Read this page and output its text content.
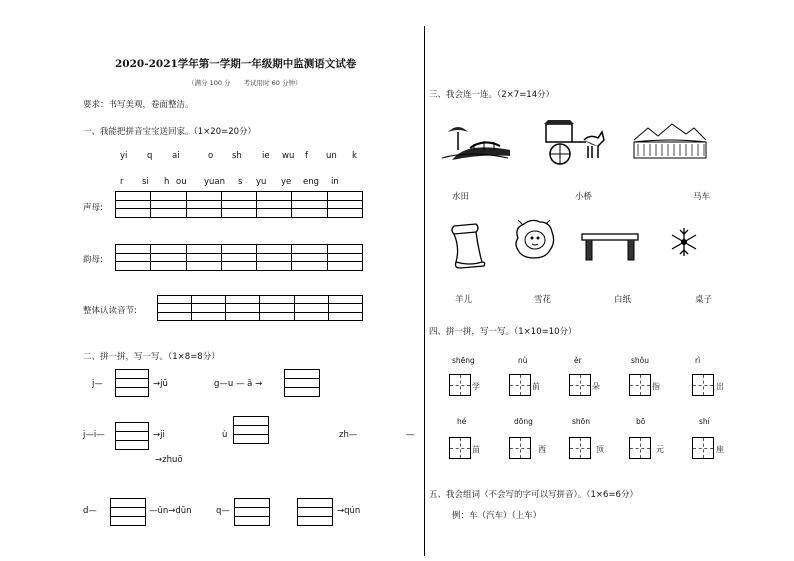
2020-2021学年第一学期一年级期中监测语文试卷
（满分 100 分　　考试用时 60 分钟）
要求：书写美观，卷面整洁。
一、我能把拼音宝宝送回家。（1×20=20分）
yi q ai	o sh ie wu f un k
r si h ou yuan s yu ye eng in
声母:

韵母:

整体认读音节:

二、拼一拼，写一写。（1×8=8分）
j—	→jū	g—u — ā →
j—i—	→ji	ù	zh—	—
→zhuō
d—	—ūn→dūn	q—	→qún
三、我会连一连。（2×7=14分）
水田	小桥	马车
羊儿	雪花	白纸	桌子
四、拼一拼，写一写。（1×10=10分）
shēng
学
nù
前
ěr
朵
shǒu
指
rì
出
hé
苗
dōng
西
shōn
顶
bō
元
shí
座
五、我会组词（不会写的字可以写拼音）。（1×6=6分）
例：车（汽车）（上车）
